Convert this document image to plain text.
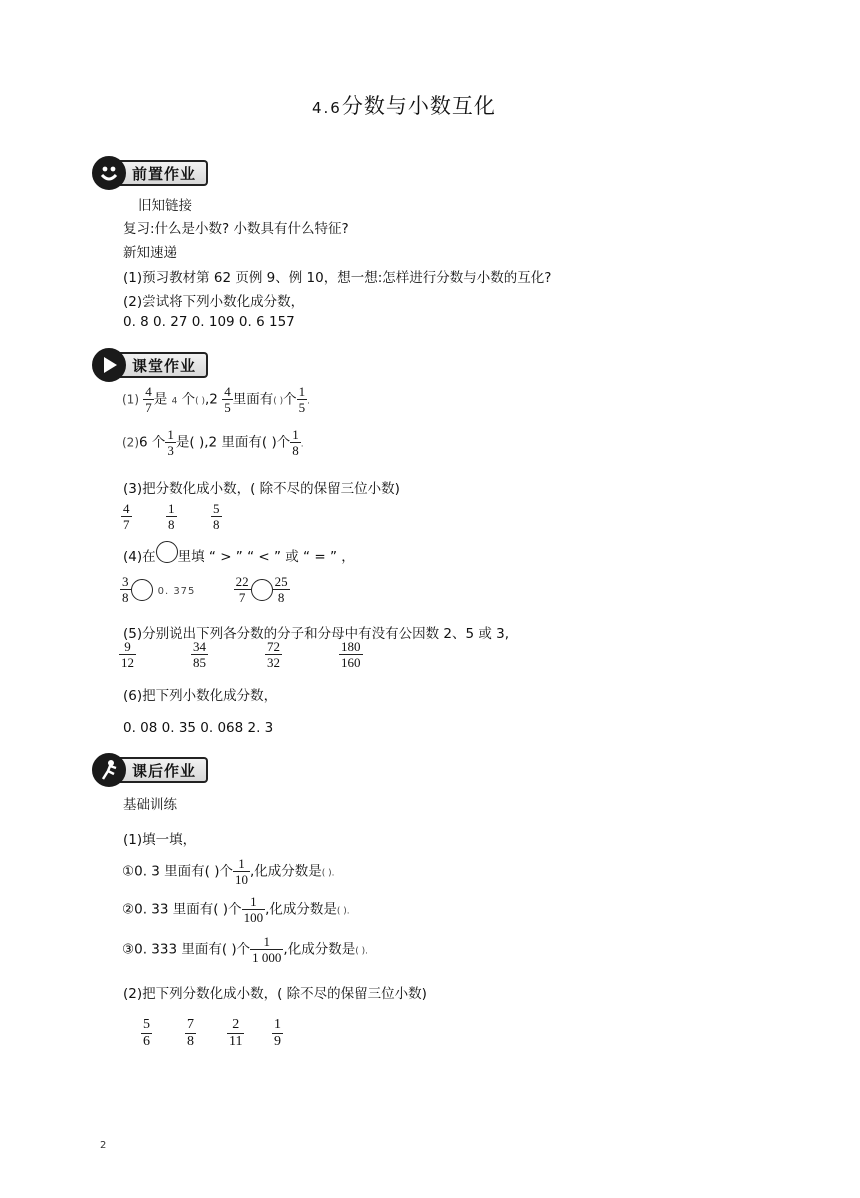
4.6分数与小数互化
前置作业
旧知链接
复习:什么是小数? 小数具有什么特征?
新知速递
(1)预习教材第 62 页例 9、例 10，想一想:怎样进行分数与小数的互化?
(2)尝试将下列小数化成分数，
0. 8 0. 27 0. 109 0. 6 157
课堂作业
$(1) \frac{4}{7}$ 是 4 个( )$,2 \frac{4}{5}$ 里面有( )个 $\frac{1}{5}$ .
(2)6 个 $\frac{1}{3}$ 是( ),2 里面有( )个 $\frac{1}{8}$ .
(3)把分数化成小数，( 除不尽的保留三位小数)
$\frac{4}{7}$	$\frac{1}{8}$	$\frac{5}{8}$
(4)在 里填 “ > ” “ < ” 或 “ = ” ，
$\frac{3}{8}$	0. 375	$\frac{22}{7} \frac{25}{8}$
(5)分别说出下列各分数的分子和分母中有没有公因数 2、5 或 3,
$\frac{9}{12}$	$\frac{34}{85}$	$\frac{72}{32}$	$\frac{180}{160}$
(6)把下列小数化成分数，
0. 08 0. 35 0. 068 2. 3
课后作业
基础训练
(1)填一填，
①0. 3 里面有( )个 $\frac{1}{10}$ ,化成分数是( ).
②0. 33 里面有( )个 $\frac{1}{100}$ ,化成分数是( ).
③0. 333 里面有( )个 $\frac{1}{1 000}$ ,化成分数是( ).
(2)把下列分数化成小数，( 除不尽的保留三位小数)
$\frac{5}{6} \frac{7}{8} \frac{2}{11} \frac{1}{9}$
2
